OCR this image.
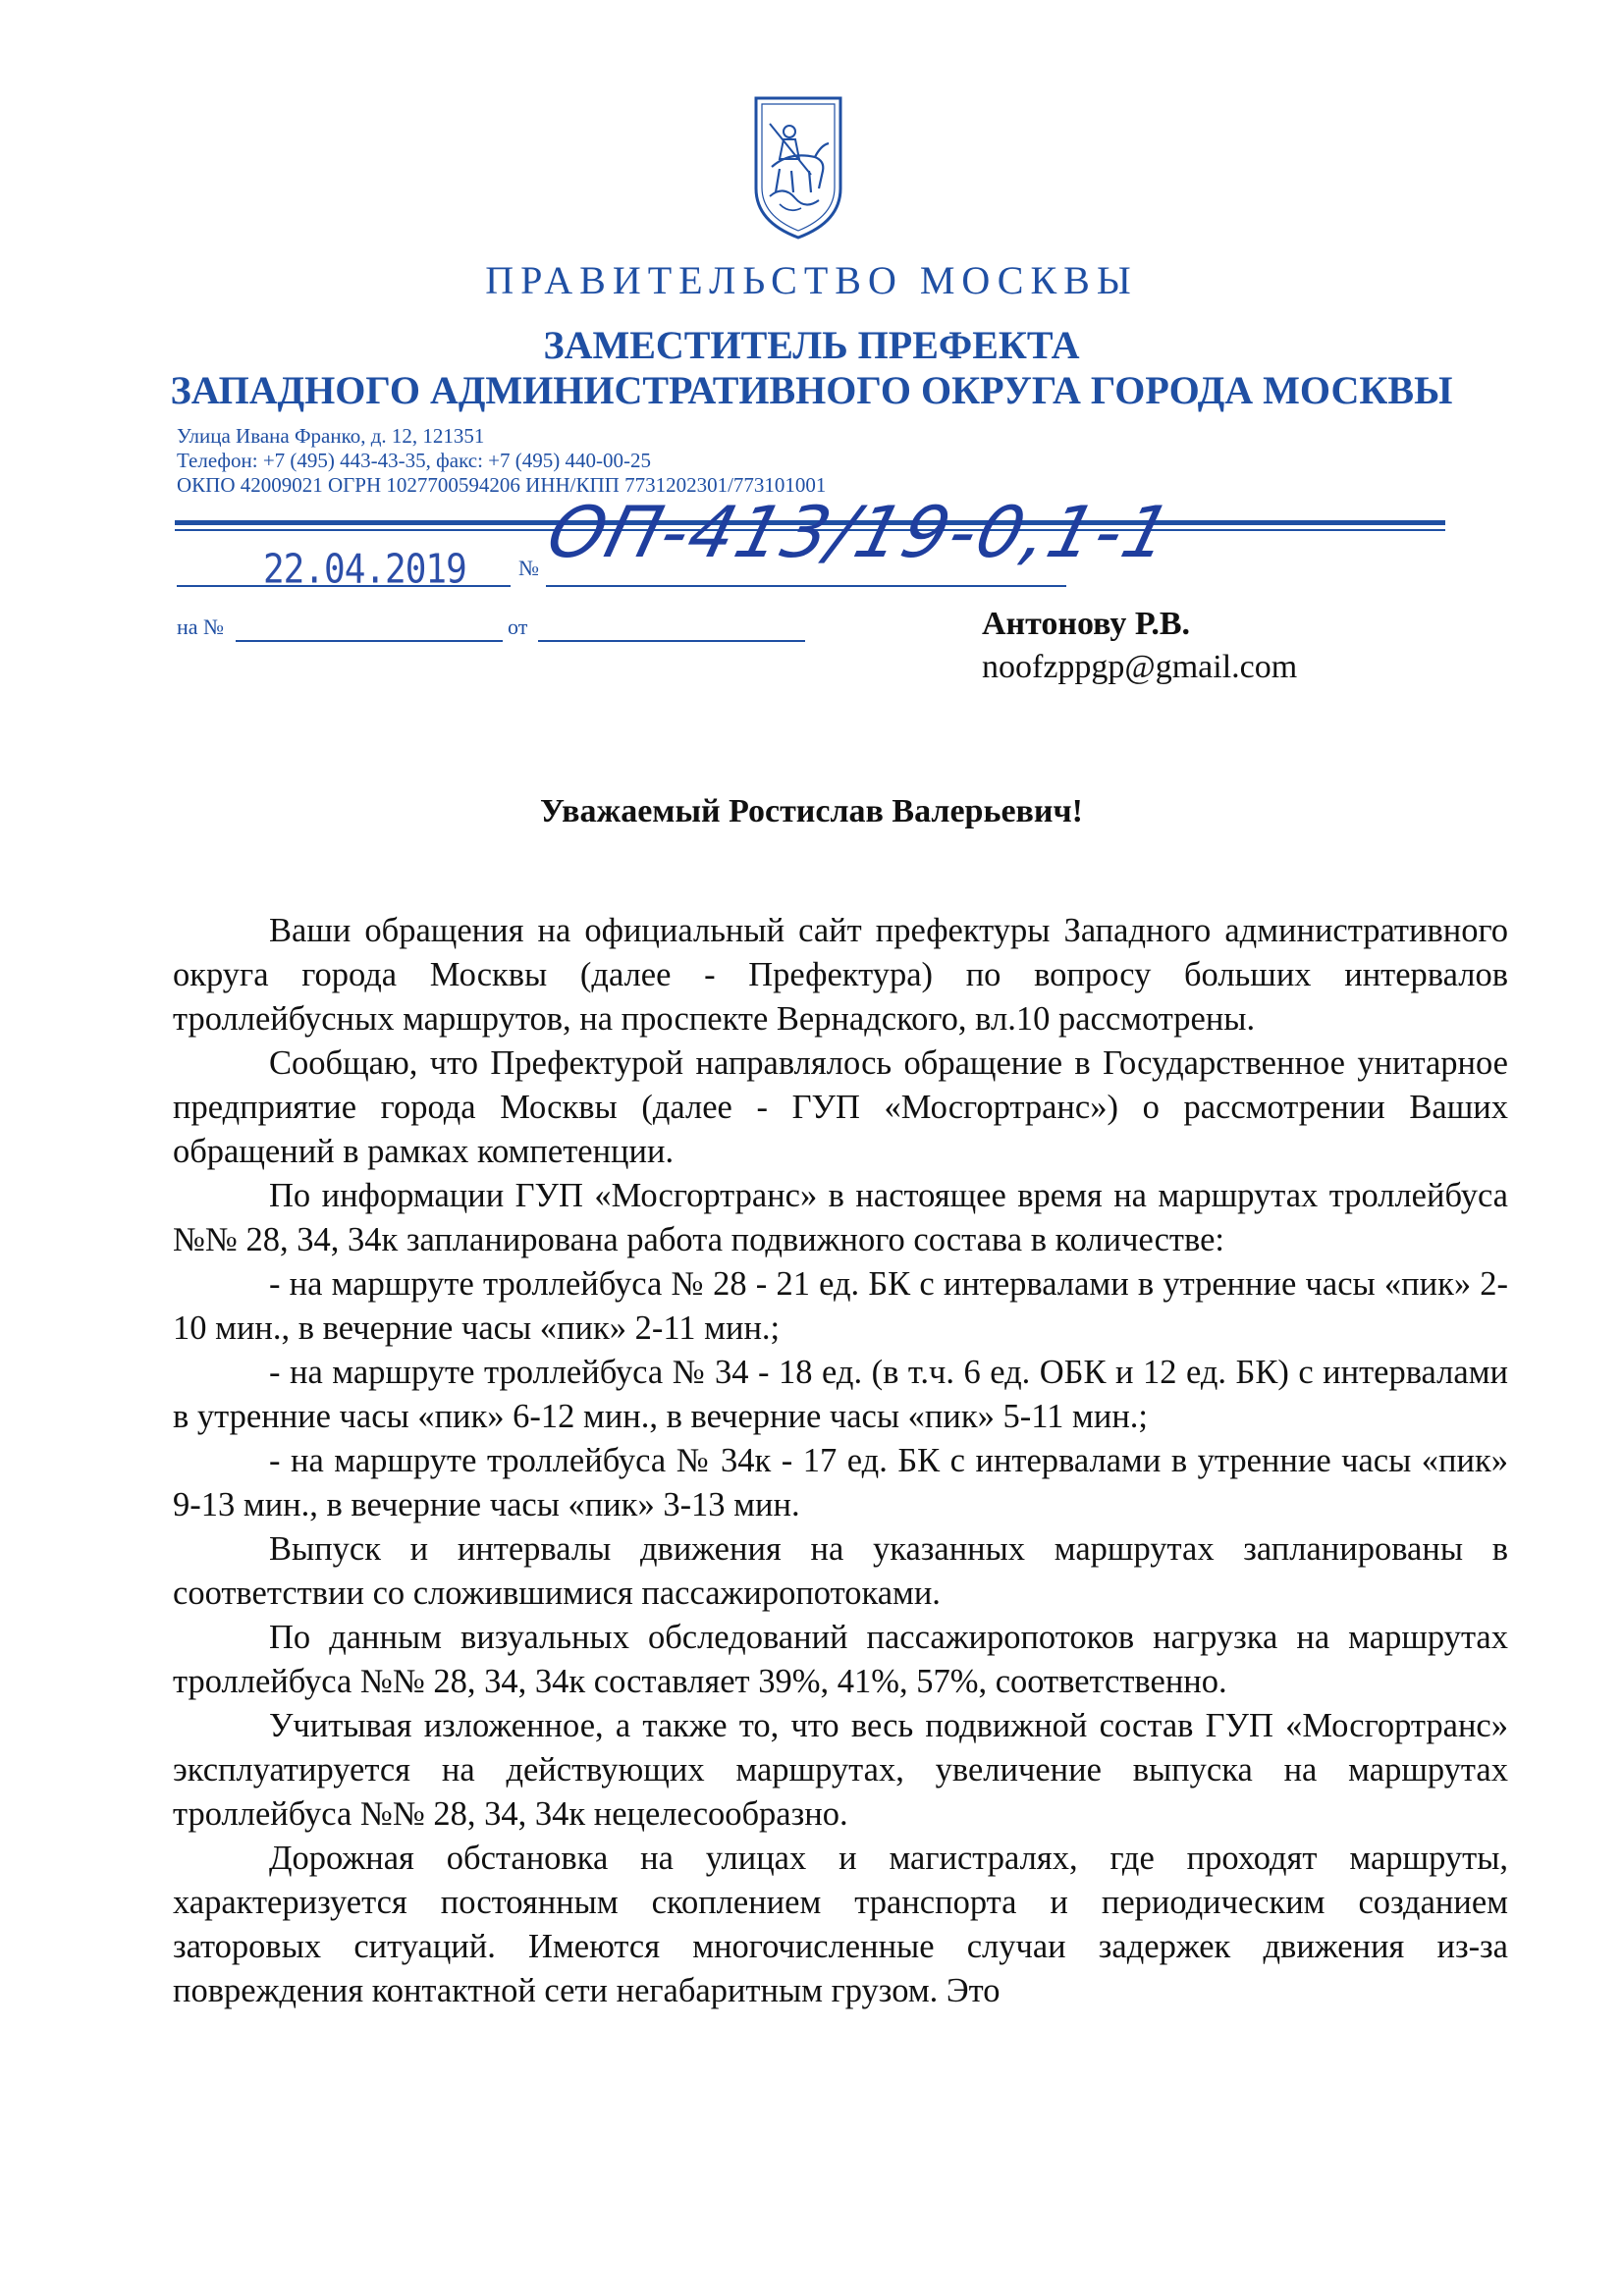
ПРАВИТЕЛЬСТВО МОСКВЫ
ЗАМЕСТИТЕЛЬ ПРЕФЕКТА
ЗАПАДНОГО АДМИНИСТРАТИВНОГО ОКРУГА ГОРОДА МОСКВЫ
Улица Ивана Франко, д. 12, 121351
Телефон: +7 (495) 443-43-35, факс: +7 (495) 440-00-25
ОКПО 42009021 ОГРН 1027700594206 ИНН/КПП 7731202301/773101001
22.04.2019 № ОП-413/19-0,1-1
на №	от	Антонову Р.В.
noofzppgp@gmail.com
Уважаемый Ростислав Валерьевич!

Ваши обращения на официальный сайт префектуры Западного административного округа города Москвы (далее - Префектура) по вопросу больших интервалов троллейбусных маршрутов, на проспекте Вернадского, вл.10 рассмотрены.

Сообщаю, что Префектурой направлялось обращение в Государственное унитарное предприятие города Москвы (далее - ГУП «Мосгортранс») о рассмотрении Ваших обращений в рамках компетенции.

По информации ГУП «Мосгортранс» в настоящее время на маршрутах троллейбуса №№ 28, 34, 34к запланирована работа подвижного состава в количестве:

- на маршруте троллейбуса № 28 - 21 ед. БК с интервалами в утренние часы «пик» 2-10 мин., в вечерние часы «пик» 2-11 мин.;

- на маршруте троллейбуса № 34 - 18 ед. (в т.ч. 6 ед. ОБК и 12 ед. БК) с интервалами в утренние часы «пик» 6-12 мин., в вечерние часы «пик» 5-11 мин.;

- на маршруте троллейбуса № 34к - 17 ед. БК с интервалами в утренние часы «пик» 9-13 мин., в вечерние часы «пик» 3-13 мин.

Выпуск и интервалы движения на указанных маршрутах запланированы в соответствии со сложившимися пассажиропотоками.

По данным визуальных обследований пассажиропотоков нагрузка на маршрутах троллейбуса №№ 28, 34, 34к составляет 39%, 41%, 57%, соответственно.

Учитывая изложенное, а также то, что весь подвижной состав ГУП «Мосгортранс» эксплуатируется на действующих маршрутах, увеличение выпуска на маршрутах троллейбуса №№ 28, 34, 34к нецелесообразно.

Дорожная обстановка на улицах и магистралях, где проходят маршруты, характеризуется постоянным скоплением транспорта и периодическим созданием заторовых ситуаций. Имеются многочисленные случаи задержек движения из-за повреждения контактной сети негабаритным грузом. Это
